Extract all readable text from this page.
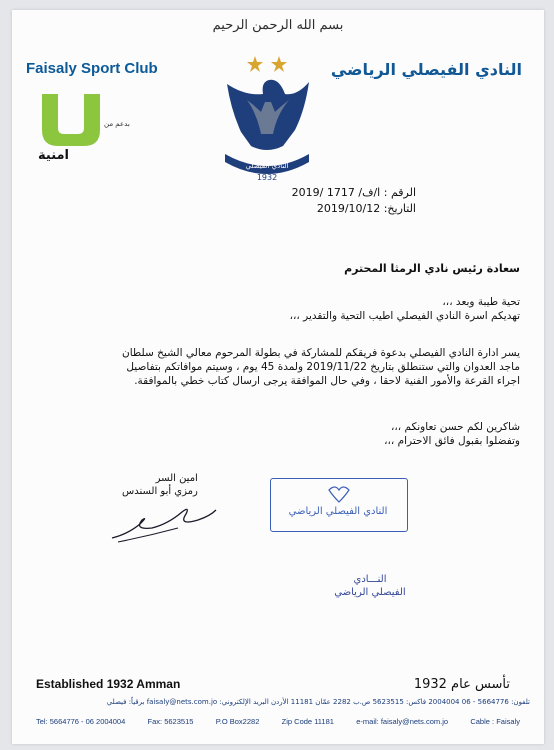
بسم الله الرحمن الرحيم
Faisaly Sport Club	النادي الفيصلي الرياضي
امنية
بدعم من
النادي الفيصلي
1932
الرقم : ا/ف/ 1717 /2019
التاريخ: 2019/10/12
سعادة رئيس نادي الرمثا المحترم
تحية طيبة وبعد ،،،
تهديكم اسرة النادي الفيصلي اطيب التحية والتقدير ،،،
يسر ادارة النادي الفيصلي بدعوة فريقكم للمشاركة في بطولة المرحوم معالي الشيخ سلطان ماجد العدوان والتي ستنطلق بتاريخ 2019/11/22 ولمدة 45 يوم ، وسيتم موافاتكم بتفاصيل اجراء القرعة والأمور الفنية لاحقا ، وفي حال الموافقة يرجى ارسال كتاب خطي بالموافقة.
شاكرين لكم حسن تعاونكم ،،،
وتفضلوا بقبول فائق الاحترام ،،،
امين السر
رمزي أبو السندس
النادي الفيصلي الرياضي
النـــادي
الفيصلي الرياضي
Established 1932 Amman	تأسس عام 1932
تلفون: 5664776 - 06 2004004 فاكس: 5623515 ص.ب 2282 عمّان 11181 الأردن البريد الإلكتروني: faisaly@nets.com.jo برقياً: فيصلي
Tel: 5664776 - 06 2004004	Fax: 5623515	P.O Box2282	Zip Code 11181	e-mail: faisaly@nets.com.jo	Cable : Faisaly
